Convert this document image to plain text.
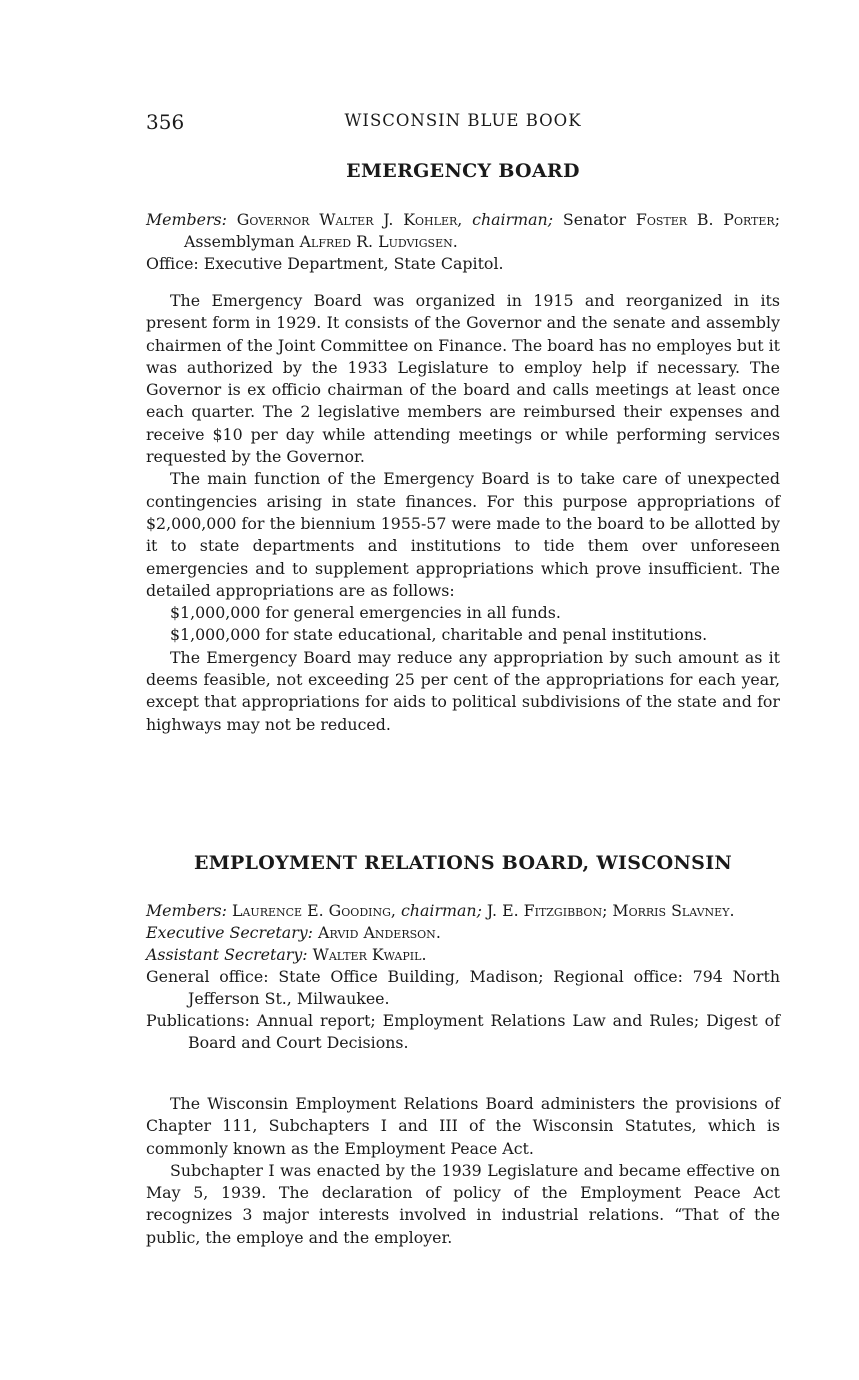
356	WISCONSIN BLUE BOOK
EMERGENCY BOARD

Members: Governor Walter J. Kohler, chairman; Senator Foster B. Porter; Assemblyman Alfred R. Ludvigsen.

Office: Executive Department, State Capitol.

The Emergency Board was organized in 1915 and reorganized in its present form in 1929. It consists of the Governor and the senate and assembly chairmen of the Joint Committee on Finance. The board has no employes but it was authorized by the 1933 Legislature to employ help if necessary. The Governor is ex officio chairman of the board and calls meetings at least once each quarter. The 2 legislative members are reimbursed their expenses and receive $10 per day while attending meetings or while performing services requested by the Governor.

The main function of the Emergency Board is to take care of unexpected contingencies arising in state finances. For this purpose appropriations of $2,000,000 for the biennium 1955-57 were made to the board to be allotted by it to state departments and institutions to tide them over unforeseen emergencies and to supplement appropriations which prove insufficient. The detailed appropriations are as follows:

$1,000,000 for general emergencies in all funds.

$1,000,000 for state educational, charitable and penal institutions.

The Emergency Board may reduce any appropriation by such amount as it deems feasible, not exceeding 25 per cent of the appropriations for each year, except that appropriations for aids to political subdivisions of the state and for highways may not be reduced.

EMPLOYMENT RELATIONS BOARD, WISCONSIN

Members: Laurence E. Gooding, chairman; J. E. Fitzgibbon; Morris Slavney.

Executive Secretary: Arvid Anderson.

Assistant Secretary: Walter Kwapil.

General office: State Office Building, Madison; Regional office: 794 North Jefferson St., Milwaukee.

Publications: Annual report; Employment Relations Law and Rules; Digest of Board and Court Decisions.

The Wisconsin Employment Relations Board administers the provisions of Chapter 111, Subchapters I and III of the Wisconsin Statutes, which is commonly known as the Employment Peace Act.

Subchapter I was enacted by the 1939 Legislature and became effective on May 5, 1939. The declaration of policy of the Employment Peace Act recognizes 3 major interests involved in industrial relations. “That of the public, the employe and the employer.
